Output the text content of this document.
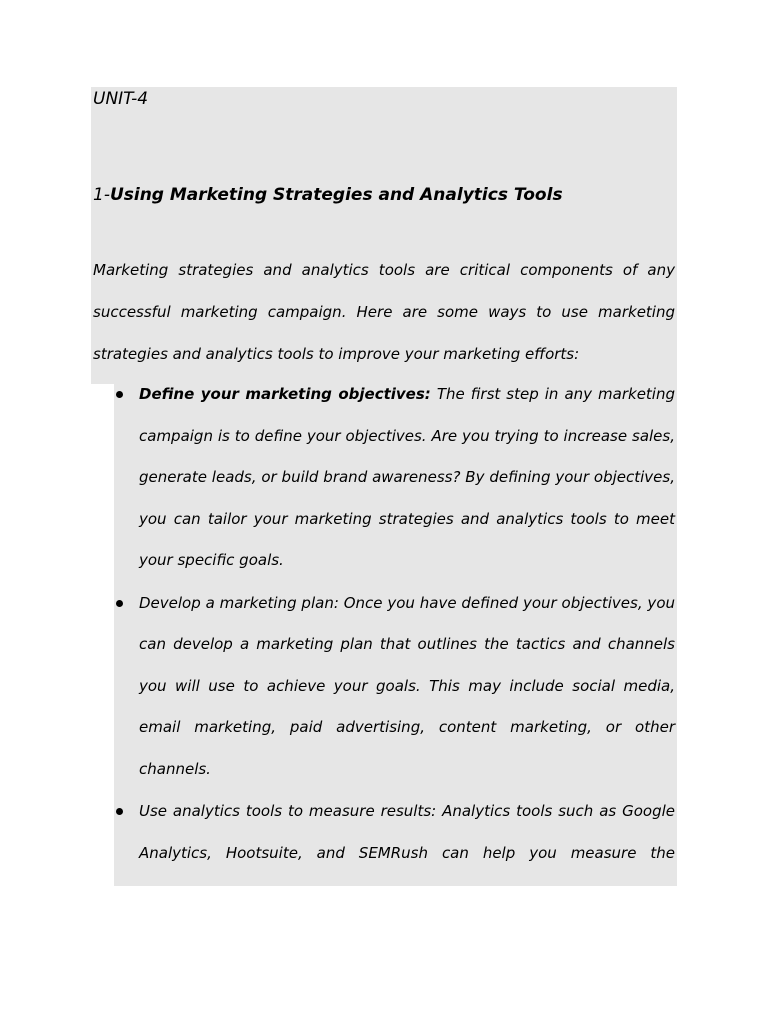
UNIT-4
1-Using Marketing Strategies and Analytics Tools
Marketing strategies and analytics tools are critical components of any successful marketing campaign. Here are some ways to use marketing strategies and analytics tools to improve your marketing efforts:
Define your marketing objectives: The first step in any marketing campaign is to define your objectives. Are you trying to increase sales, generate leads, or build brand awareness? By defining your objectives, you can tailor your marketing strategies and analytics tools to meet your specific goals.
Develop a marketing plan: Once you have defined your objectives, you can develop a marketing plan that outlines the tactics and channels you will use to achieve your goals. This may include social media, email marketing, paid advertising, content marketing, or other channels.
Use analytics tools to measure results: Analytics tools such as Google Analytics, Hootsuite, and SEMRush can help you measure the
